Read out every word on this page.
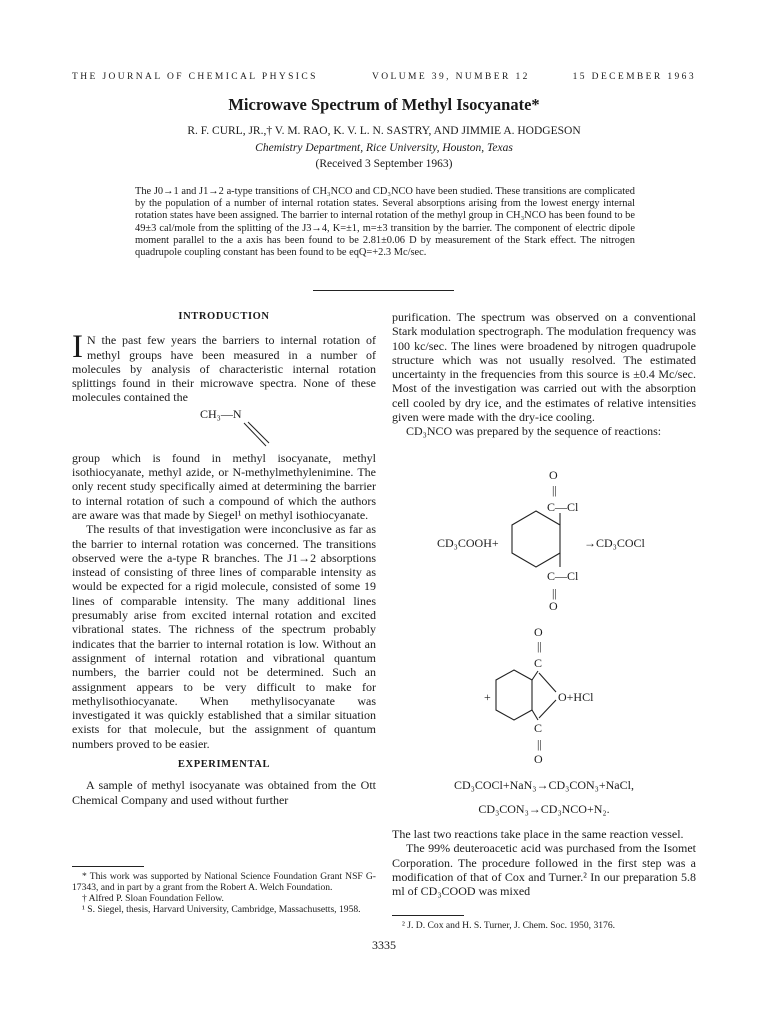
THE JOURNAL OF CHEMICAL PHYSICS	VOLUME 39, NUMBER 12	15 DECEMBER 1963
Microwave Spectrum of Methyl Isocyanate*
R. F. CURL, JR.,† V. M. RAO, K. V. L. N. SASTRY, AND JIMMIE A. HODGESON
Chemistry Department, Rice University, Houston, Texas
(Received 3 September 1963)
The J0→1 and J1→2 a-type transitions of CH₃NCO and CD₃NCO have been studied. These transitions are complicated by the population of a number of internal rotation states. Several absorptions arising from the lowest energy internal rotation states have been assigned. The barrier to internal rotation of the methyl group in CH₃NCO has been found to be 49±3 cal/mole from the splitting of the J3→4, K=±1, m=±3 transition by the barrier. The component of electric dipole moment parallel to the a axis has been found to be 2.81±0.06 D by measurement of the Stark effect. The nitrogen quadrupole coupling constant has been found to be eqQ=+2.3 Mc/sec.
INTRODUCTION

I N the past few years the barriers to internal rotation of methyl groups have been measured in a number of molecules by analysis of characteristic internal rotation splittings found in their microwave spectra. None of these molecules contained the

CH₃—N

group which is found in methyl isocyanate, methyl isothiocyanate, methyl azide, or N-methylmethylenimine. The only recent study specifically aimed at determining the barrier to internal rotation of such a compound of which the authors are aware was that made by Siegel¹ on methyl isothiocyanate.

The results of that investigation were inconclusive as far as the barrier to internal rotation was concerned. The transitions observed were the a-type R branches. The J1→2 absorptions instead of consisting of three lines of comparable intensity as would be expected for a rigid molecule, consisted of some 19 lines of comparable intensity. The many additional lines presumably arise from excited internal rotation and excited vibrational states. The richness of the spectrum probably indicates that the barrier to internal rotation is low. Without an assignment of internal rotation and vibrational quantum numbers, the barrier could not be determined. Such an assignment appears to be very difficult to make for methylisothiocyanate. When methylisocyanate was investigated it was quickly established that a similar situation exists for that molecule, but the assignment of quantum numbers proved to be easier.

EXPERIMENTAL

A sample of methyl isocyanate was obtained from the Ott Chemical Company and used without further

* This work was supported by National Science Foundation Grant NSF G-17343, and in part by a grant from the Robert A. Welch Foundation.

† Alfred P. Sloan Foundation Fellow.

¹ S. Siegel, thesis, Harvard University, Cambridge, Massachusetts, 1958.

purification. The spectrum was observed on a conventional Stark modulation spectrograph. The modulation frequency was 100 kc/sec. The lines were broadened by nitrogen quadrupole structure which was not usually resolved. The estimated uncertainty in the frequencies from this source is ±0.4 Mc/sec. Most of the investigation was carried out with the absorption cell cooled by dry ice, and the estimates of relative intensities given were made with the dry-ice cooling.

CD₃NCO was prepared by the sequence of reactions:

CD₃COOH+	→CD₃COCl
O
||
C—Cl
C—Cl
||
O
O
||
C
+	O+HCl
C
||
O
CD₃COCl+NaN₃→CD₃CON₃+NaCl,
CD₃CON₃→CD₃NCO+N₂.

The last two reactions take place in the same reaction vessel.

The 99% deuteroacetic acid was purchased from the Isomet Corporation. The procedure followed in the first step was a modification of that of Cox and Turner.² In our preparation 5.8 ml of CD₃COOD was mixed

² J. D. Cox and H. S. Turner, J. Chem. Soc. 1950, 3176.

3335
